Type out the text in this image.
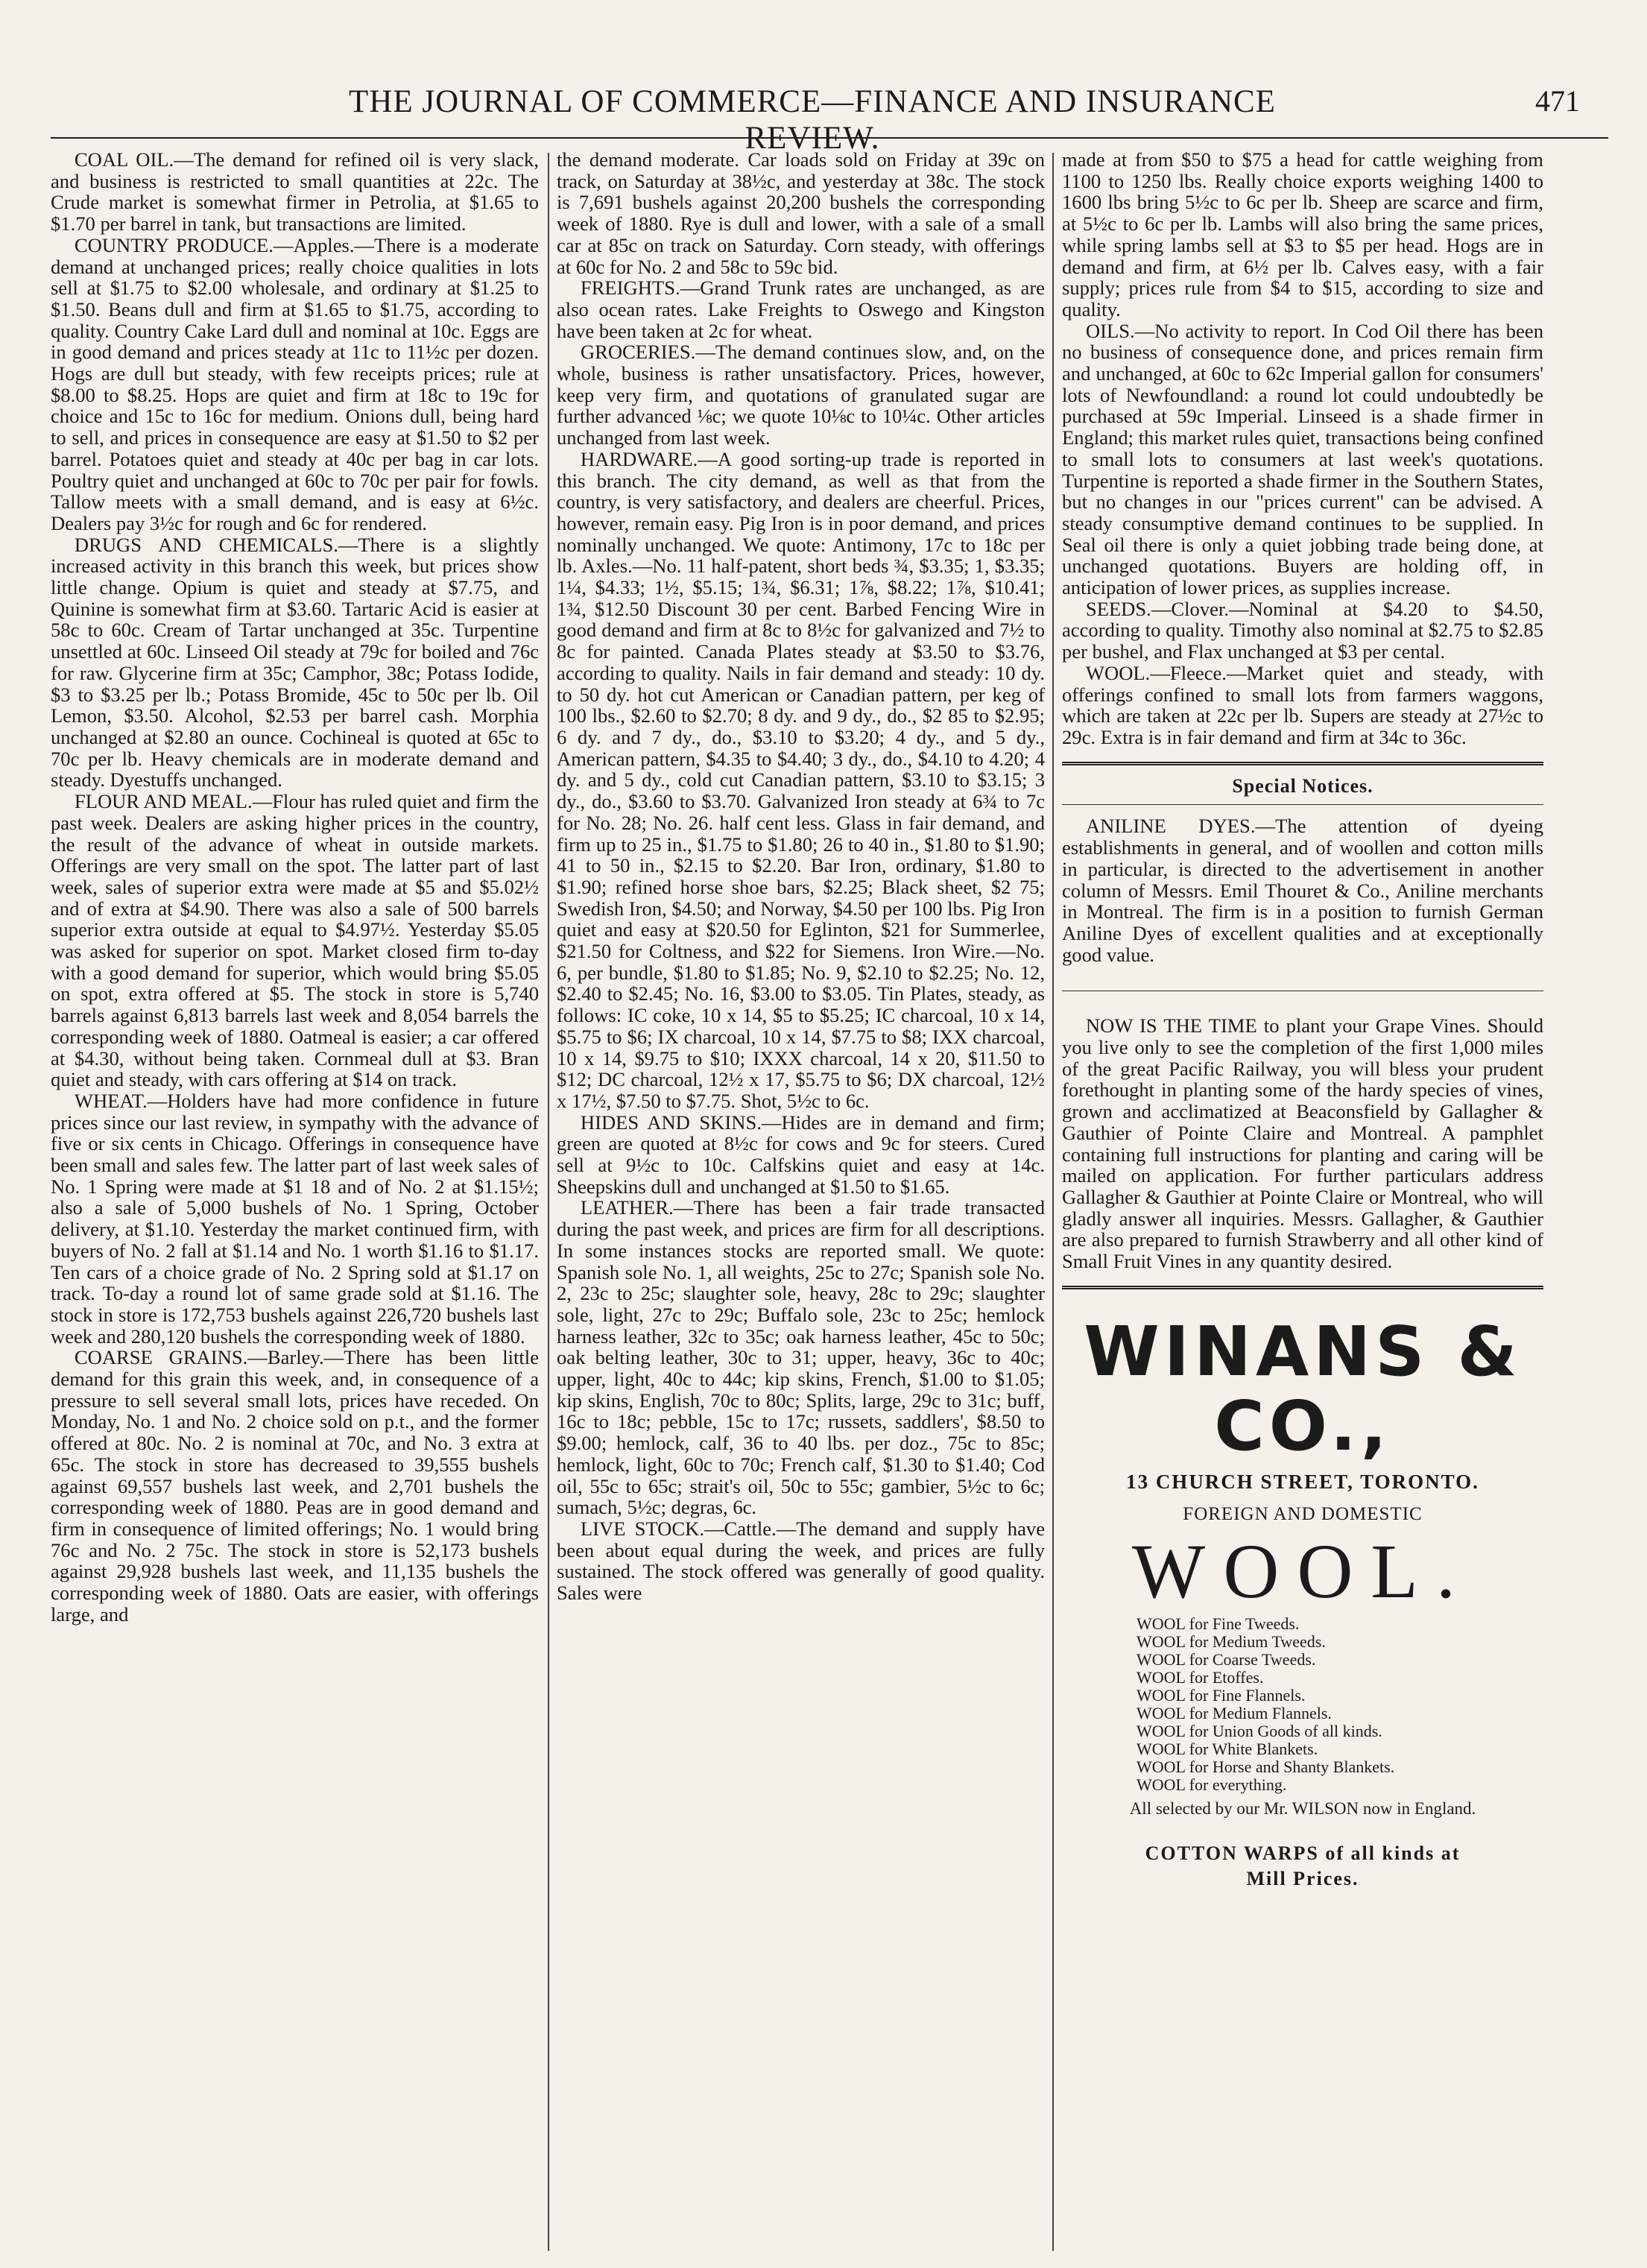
THE JOURNAL OF COMMERCE—FINANCE AND INSURANCE REVIEW.
471

COAL OIL.—The demand for refined oil is very slack, and business is restricted to small quantities at 22c. The Crude market is somewhat firmer in Petrolia, at $1.65 to $1.70 per barrel in tank, but transactions are limited.

COUNTRY PRODUCE.—Apples.—There is a moderate demand at unchanged prices; really choice qualities in lots sell at $1.75 to $2.00 wholesale, and ordinary at $1.25 to $1.50. Beans dull and firm at $1.65 to $1.75, according to quality. Country Cake Lard dull and nominal at 10c. Eggs are in good demand and prices steady at 11c to 11½c per dozen. Hogs are dull but steady, with few receipts prices; rule at $8.00 to $8.25. Hops are quiet and firm at 18c to 19c for choice and 15c to 16c for medium. Onions dull, being hard to sell, and prices in consequence are easy at $1.50 to $2 per barrel. Potatoes quiet and steady at 40c per bag in car lots. Poultry quiet and unchanged at 60c to 70c per pair for fowls. Tallow meets with a small demand, and is easy at 6½c. Dealers pay 3½c for rough and 6c for rendered.

DRUGS AND CHEMICALS.—There is a slightly increased activity in this branch this week, but prices show little change. Opium is quiet and steady at $7.75, and Quinine is somewhat firm at $3.60. Tartaric Acid is easier at 58c to 60c. Cream of Tartar unchanged at 35c. Turpentine unsettled at 60c. Linseed Oil steady at 79c for boiled and 76c for raw. Glycerine firm at 35c; Camphor, 38c; Potass Iodide, $3 to $3.25 per lb.; Potass Bromide, 45c to 50c per lb. Oil Lemon, $3.50. Alcohol, $2.53 per barrel cash. Morphia unchanged at $2.80 an ounce. Cochineal is quoted at 65c to 70c per lb. Heavy chemicals are in moderate demand and steady. Dyestuffs unchanged.

FLOUR AND MEAL.—Flour has ruled quiet and firm the past week. Dealers are asking higher prices in the country, the result of the advance of wheat in outside markets. Offerings are very small on the spot. The latter part of last week, sales of superior extra were made at $5 and $5.02½ and of extra at $4.90. There was also a sale of 500 barrels superior extra outside at equal to $4.97½. Yesterday $5.05 was asked for superior on spot. Market closed firm to-day with a good demand for superior, which would bring $5.05 on spot, extra offered at $5. The stock in store is 5,740 barrels against 6,813 barrels last week and 8,054 barrels the corresponding week of 1880. Oatmeal is easier; a car offered at $4.30, without being taken. Cornmeal dull at $3. Bran quiet and steady, with cars offering at $14 on track.

WHEAT.—Holders have had more confidence in future prices since our last review, in sympathy with the advance of five or six cents in Chicago. Offerings in consequence have been small and sales few. The latter part of last week sales of No. 1 Spring were made at $1 18 and of No. 2 at $1.15½; also a sale of 5,000 bushels of No. 1 Spring, October delivery, at $1.10. Yesterday the market continued firm, with buyers of No. 2 fall at $1.14 and No. 1 worth $1.16 to $1.17. Ten cars of a choice grade of No. 2 Spring sold at $1.17 on track. To-day a round lot of same grade sold at $1.16. The stock in store is 172,753 bushels against 226,720 bushels last week and 280,120 bushels the corresponding week of 1880.

COARSE GRAINS.—Barley.—There has been little demand for this grain this week, and, in consequence of a pressure to sell several small lots, prices have receded. On Monday, No. 1 and No. 2 choice sold on p.t., and the former offered at 80c. No. 2 is nominal at 70c, and No. 3 extra at 65c. The stock in store has decreased to 39,555 bushels against 69,557 bushels last week, and 2,701 bushels the corresponding week of 1880. Peas are in good demand and firm in consequence of limited offerings; No. 1 would bring 76c and No. 2 75c. The stock in store is 52,173 bushels against 29,928 bushels last week, and 11,135 bushels the corresponding week of 1880. Oats are easier, with offerings large, and

the demand moderate. Car loads sold on Friday at 39c on track, on Saturday at 38½c, and yesterday at 38c. The stock is 7,691 bushels against 20,200 bushels the corresponding week of 1880. Rye is dull and lower, with a sale of a small car at 85c on track on Saturday. Corn steady, with offerings at 60c for No. 2 and 58c to 59c bid.

FREIGHTS.—Grand Trunk rates are unchanged, as are also ocean rates. Lake Freights to Oswego and Kingston have been taken at 2c for wheat.

GROCERIES.—The demand continues slow, and, on the whole, business is rather unsatisfactory. Prices, however, keep very firm, and quotations of granulated sugar are further advanced ⅛c; we quote 10⅛c to 10¼c. Other articles unchanged from last week.

HARDWARE.—A good sorting-up trade is reported in this branch. The city demand, as well as that from the country, is very satisfactory, and dealers are cheerful. Prices, however, remain easy. Pig Iron is in poor demand, and prices nominally unchanged. We quote: Antimony, 17c to 18c per lb. Axles.—No. 11 half-patent, short beds ¾, $3.35; 1, $3.35; 1¼, $4.33; 1½, $5.15; 1¾, $6.31; 1⅞, $8.22; 1⅞, $10.41; 1¾, $12.50 Discount 30 per cent. Barbed Fencing Wire in good demand and firm at 8c to 8½c for galvanized and 7½ to 8c for painted. Canada Plates steady at $3.50 to $3.76, according to quality. Nails in fair demand and steady: 10 dy. to 50 dy. hot cut American or Canadian pattern, per keg of 100 lbs., $2.60 to $2.70; 8 dy. and 9 dy., do., $2 85 to $2.95; 6 dy. and 7 dy., do., $3.10 to $3.20; 4 dy., and 5 dy., American pattern, $4.35 to $4.40; 3 dy., do., $4.10 to 4.20; 4 dy. and 5 dy., cold cut Canadian pattern, $3.10 to $3.15; 3 dy., do., $3.60 to $3.70. Galvanized Iron steady at 6¾ to 7c for No. 28; No. 26. half cent less. Glass in fair demand, and firm up to 25 in., $1.75 to $1.80; 26 to 40 in., $1.80 to $1.90; 41 to 50 in., $2.15 to $2.20. Bar Iron, ordinary, $1.80 to $1.90; refined horse shoe bars, $2.25; Black sheet, $2 75; Swedish Iron, $4.50; and Norway, $4.50 per 100 lbs. Pig Iron quiet and easy at $20.50 for Eglinton, $21 for Summerlee, $21.50 for Coltness, and $22 for Siemens. Iron Wire.—No. 6, per bundle, $1.80 to $1.85; No. 9, $2.10 to $2.25; No. 12, $2.40 to $2.45; No. 16, $3.00 to $3.05. Tin Plates, steady, as follows: IC coke, 10 x 14, $5 to $5.25; IC charcoal, 10 x 14, $5.75 to $6; IX charcoal, 10 x 14, $7.75 to $8; IXX charcoal, 10 x 14, $9.75 to $10; IXXX charcoal, 14 x 20, $11.50 to $12; DC charcoal, 12½ x 17, $5.75 to $6; DX charcoal, 12½ x 17½, $7.50 to $7.75. Shot, 5½c to 6c.

HIDES AND SKINS.—Hides are in demand and firm; green are quoted at 8½c for cows and 9c for steers. Cured sell at 9½c to 10c. Calfskins quiet and easy at 14c. Sheepskins dull and unchanged at $1.50 to $1.65.

LEATHER.—There has been a fair trade transacted during the past week, and prices are firm for all descriptions. In some instances stocks are reported small. We quote: Spanish sole No. 1, all weights, 25c to 27c; Spanish sole No. 2, 23c to 25c; slaughter sole, heavy, 28c to 29c; slaughter sole, light, 27c to 29c; Buffalo sole, 23c to 25c; hemlock harness leather, 32c to 35c; oak harness leather, 45c to 50c; oak belting leather, 30c to 31; upper, heavy, 36c to 40c; upper, light, 40c to 44c; kip skins, French, $1.00 to $1.05; kip skins, English, 70c to 80c; Splits, large, 29c to 31c; buff, 16c to 18c; pebble, 15c to 17c; russets, saddlers', $8.50 to $9.00; hemlock, calf, 36 to 40 lbs. per doz., 75c to 85c; hemlock, light, 60c to 70c; French calf, $1.30 to $1.40; Cod oil, 55c to 65c; strait's oil, 50c to 55c; gambier, 5½c to 6c; sumach, 5½c; degras, 6c.

LIVE STOCK.—Cattle.—The demand and supply have been about equal during the week, and prices are fully sustained. The stock offered was generally of good quality. Sales were

made at from $50 to $75 a head for cattle weighing from 1100 to 1250 lbs. Really choice exports weighing 1400 to 1600 lbs bring 5½c to 6c per lb. Sheep are scarce and firm, at 5½c to 6c per lb. Lambs will also bring the same prices, while spring lambs sell at $3 to $5 per head. Hogs are in demand and firm, at 6½ per lb. Calves easy, with a fair supply; prices rule from $4 to $15, according to size and quality.

OILS.—No activity to report. In Cod Oil there has been no business of consequence done, and prices remain firm and unchanged, at 60c to 62c Imperial gallon for consumers' lots of Newfoundland: a round lot could undoubtedly be purchased at 59c Imperial. Linseed is a shade firmer in England; this market rules quiet, transactions being confined to small lots to consumers at last week's quotations. Turpentine is reported a shade firmer in the Southern States, but no changes in our "prices current" can be advised. A steady consumptive demand continues to be supplied. In Seal oil there is only a quiet jobbing trade being done, at unchanged quotations. Buyers are holding off, in anticipation of lower prices, as supplies increase.

SEEDS.—Clover.—Nominal at $4.20 to $4.50, according to quality. Timothy also nominal at $2.75 to $2.85 per bushel, and Flax unchanged at $3 per cental.

WOOL.—Fleece.—Market quiet and steady, with offerings confined to small lots from farmers waggons, which are taken at 22c per lb. Supers are steady at 27½c to 29c. Extra is in fair demand and firm at 34c to 36c.

Special Notices.

ANILINE DYES.—The attention of dyeing establishments in general, and of woollen and cotton mills in particular, is directed to the advertisement in another column of Messrs. Emil Thouret & Co., Aniline merchants in Montreal. The firm is in a position to furnish German Aniline Dyes of excellent qualities and at exceptionally good value.

NOW IS THE TIME to plant your Grape Vines. Should you live only to see the completion of the first 1,000 miles of the great Pacific Railway, you will bless your prudent forethought in planting some of the hardy species of vines, grown and acclimatized at Beaconsfield by Gallagher & Gauthier of Pointe Claire and Montreal. A pamphlet containing full instructions for planting and caring will be mailed on application. For further particulars address Gallagher & Gauthier at Pointe Claire or Montreal, who will gladly answer all inquiries. Messrs. Gallagher, & Gauthier are also prepared to furnish Strawberry and all other kind of Small Fruit Vines in any quantity desired.

WINANS & CO.,
13 CHURCH STREET, TORONTO.
FOREIGN AND DOMESTIC
WOOL.
WOOL for Fine Tweeds.
WOOL for Medium Tweeds.
WOOL for Coarse Tweeds.
WOOL for Etoffes.
WOOL for Fine Flannels.
WOOL for Medium Flannels.
WOOL for Union Goods of all kinds.
WOOL for White Blankets.
WOOL for Horse and Shanty Blankets.
WOOL for everything.
All selected by our Mr. WILSON now in England.
COTTON WARPS of all kinds at
Mill Prices.
